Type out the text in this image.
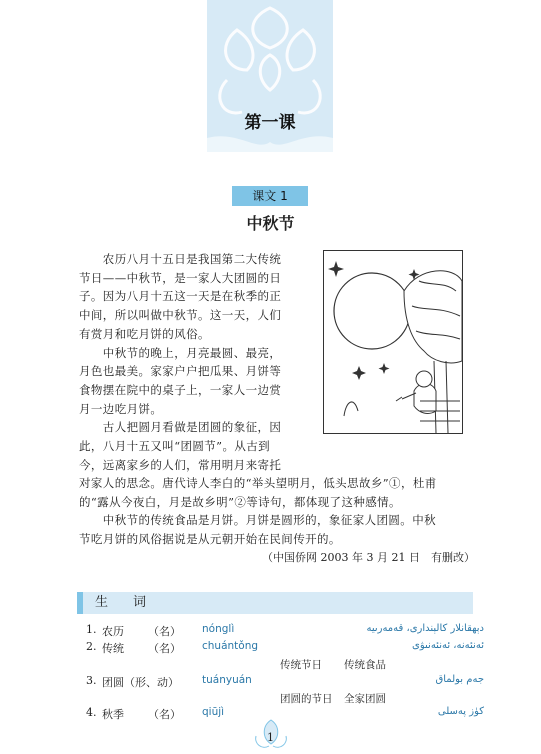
第一课
课文 1
中秋节
　　农历八月十五日是我国第二大传统
节日——中秋节，是一家人大团圆的日
子。因为八月十五这一天是在秋季的正
中间，所以叫做中秋节。这一天，人们
有赏月和吃月饼的风俗。
　　中秋节的晚上，月亮最圆、最亮，
月色也最美。家家户户把瓜果、月饼等
食物摆在院中的桌子上，一家人一边赏
月一边吃月饼。
　　古人把圆月看做是团圆的象征，因
此，八月十五又叫“团圆节”。从古到
今，远离家乡的人们，常用明月来寄托
对家人的思念。唐代诗人李白的“举头望明月，低头思故乡”①，杜甫
的“露从今夜白，月是故乡明”②等诗句，都体现了这种感情。
　　中秋节的传统食品是月饼。月饼是圆形的，象征家人团圆。中秋
节吃月饼的风俗据说是从元朝开始在民间传开的。
（中国侨网 2003 年 3 月 21 日　有删改）
生　词
1. 农历 （名） nónglì	دېھقانلار كالېندارى، قەمەرىيە
2. 传统 （名） chuántǒng	ئەنئەنە، ئەنئەنىۋى
传统节日 传统食品
3. 团圆（形、动） tuányuán	جەم بولماق
团圆的节日 全家团圆
4. 秋季 （名） qiūjì	كۈز پەسلى
1
